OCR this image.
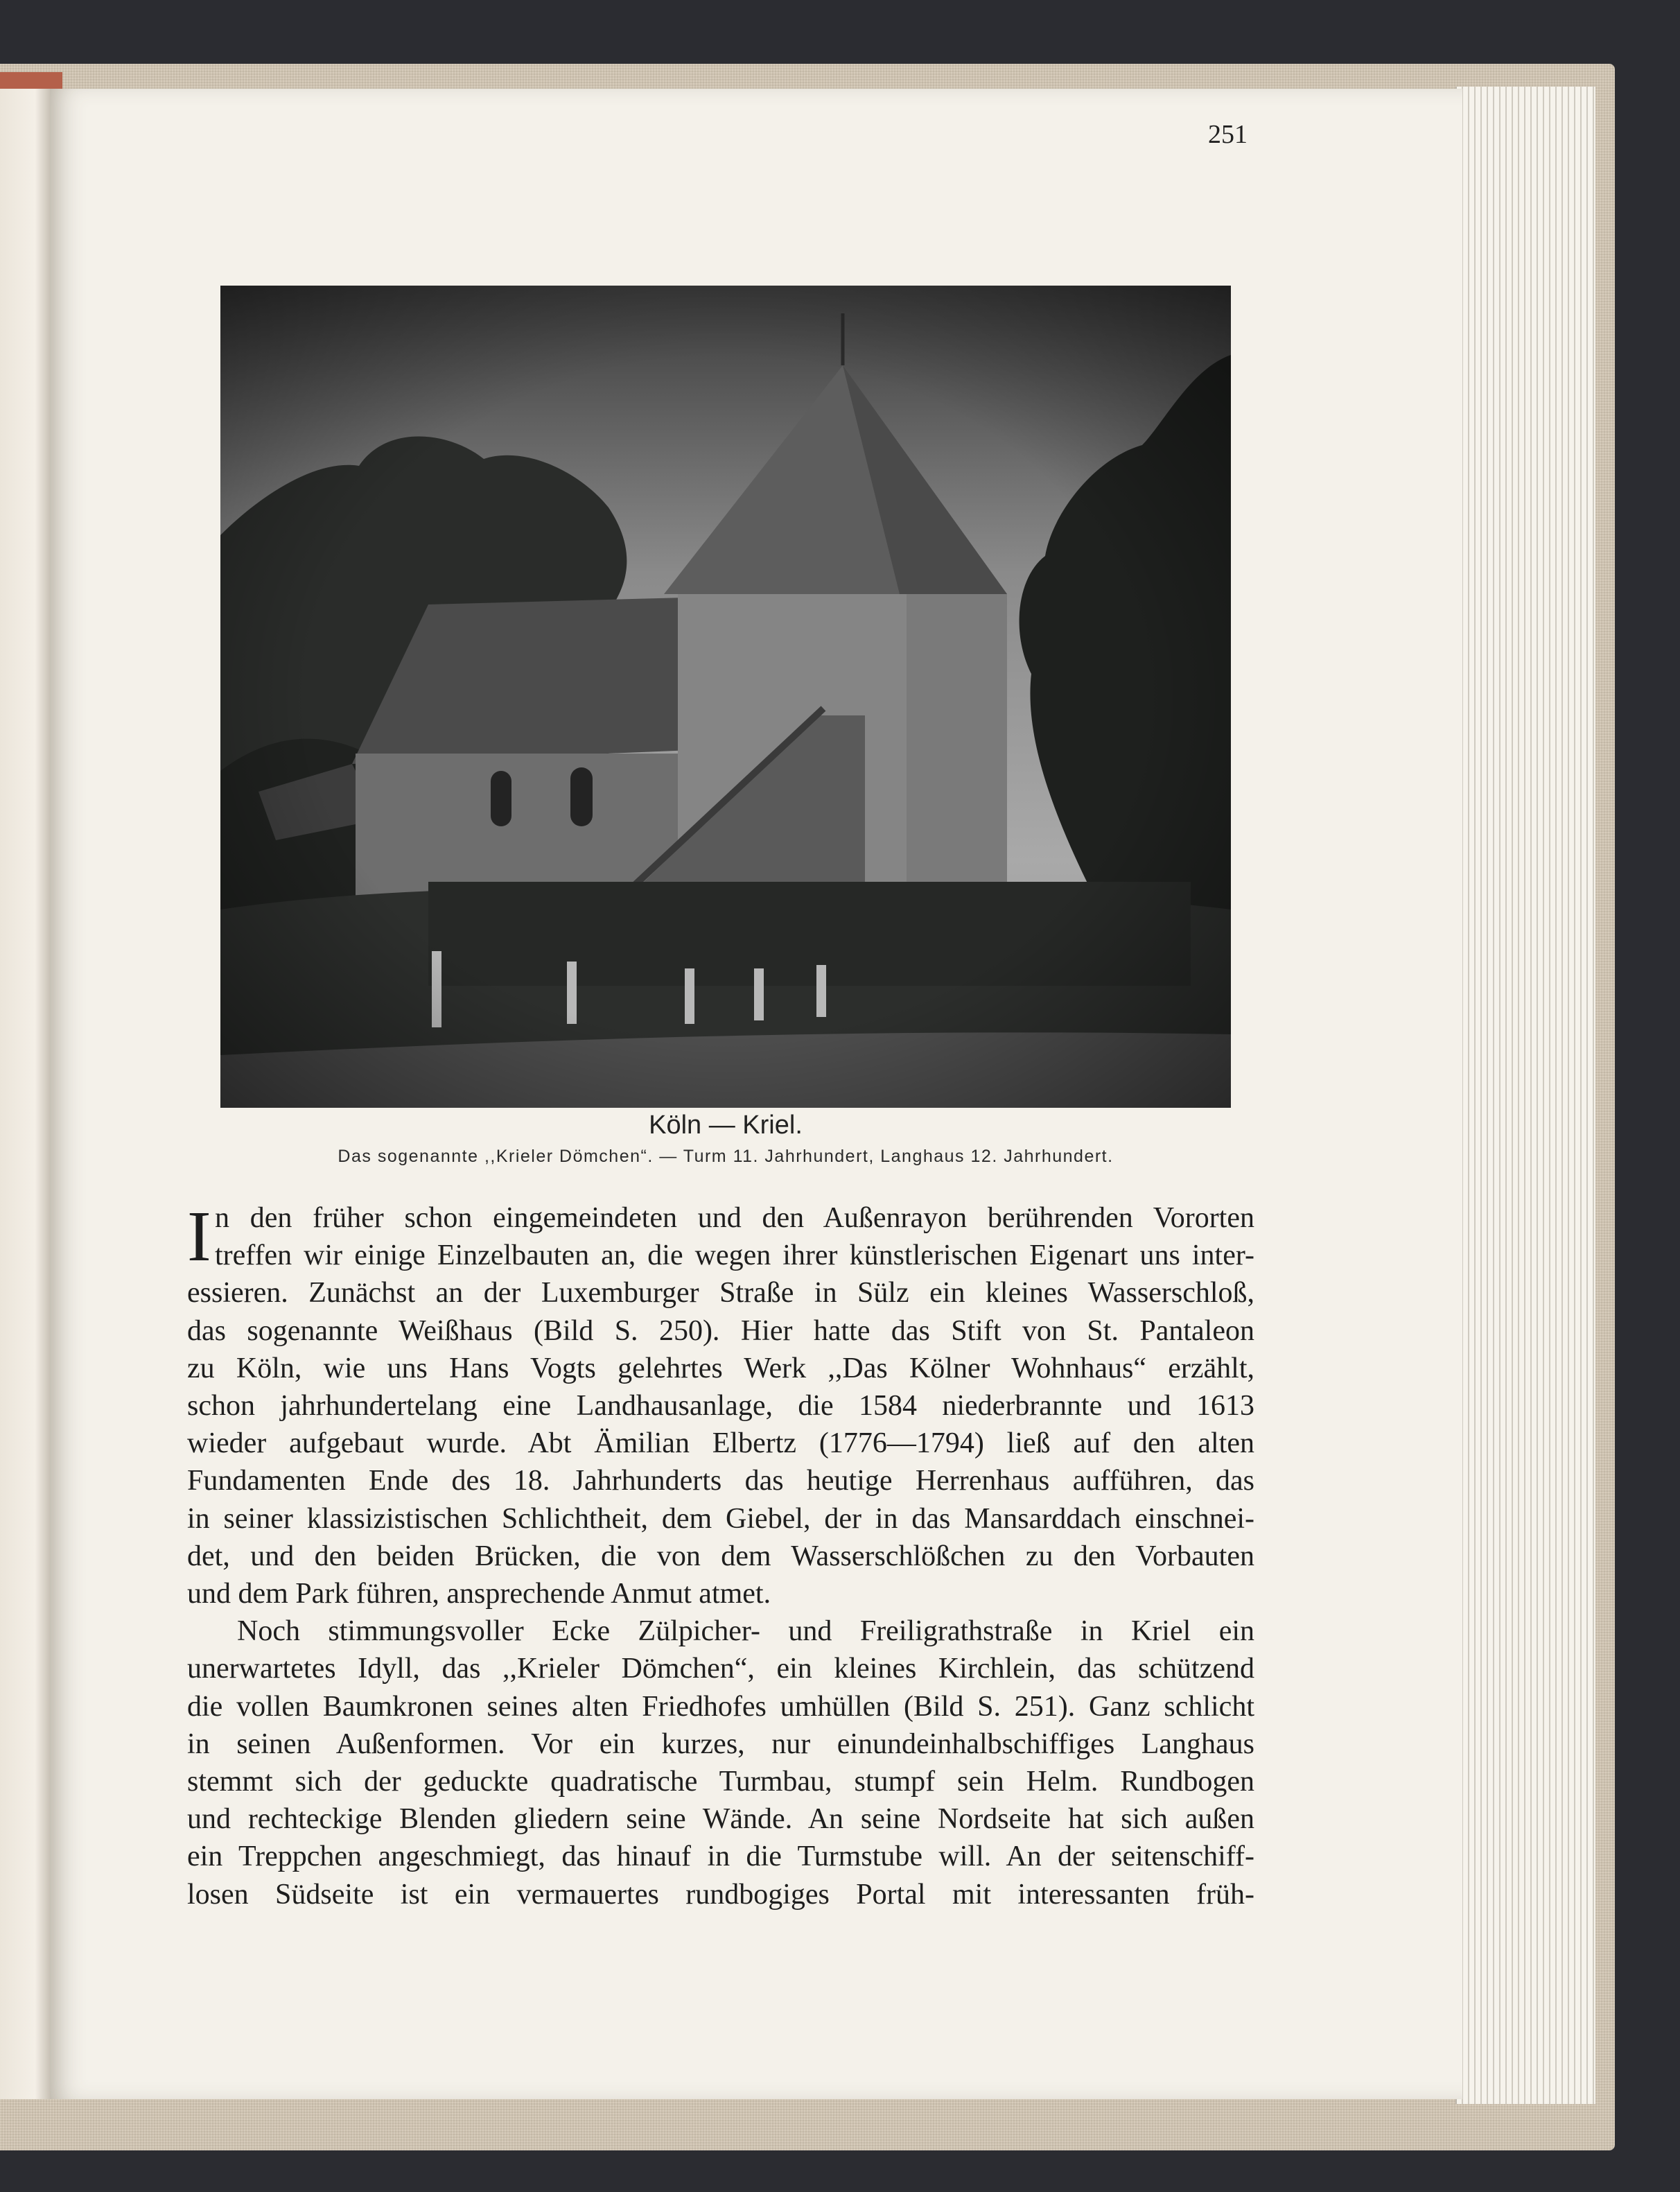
251

Köln — Kriel.

Das sogenannte ,,Krieler Dömchen“. — Turm 11. Jahrhundert, Langhaus 12. Jahrhundert.

I n den früher schon eingemeindeten und den Außenrayon berührenden Vororten
treffen wir einige Einzelbauten an, die wegen ihrer künstlerischen Eigenart uns inter-
essieren. Zunächst an der Luxemburger Straße in Sülz ein kleines Wasserschloß,
das sogenannte Weißhaus (Bild S. 250). Hier hatte das Stift von St. Pantaleon
zu Köln, wie uns Hans Vogts gelehrtes Werk ,,Das Kölner Wohnhaus“ erzählt,
schon jahrhundertelang eine Landhausanlage, die 1584 niederbrannte und 1613
wieder aufgebaut wurde. Abt Ämilian Elbertz (1776—1794) ließ auf den alten
Fundamenten Ende des 18. Jahrhunderts das heutige Herrenhaus aufführen, das
in seiner klassizistischen Schlichtheit, dem Giebel, der in das Mansarddach einschnei-
det, und den beiden Brücken, die von dem Wasserschlößchen zu den Vorbauten
und dem Park führen, ansprechende Anmut atmet.
Noch stimmungsvoller Ecke Zülpicher- und Freiligrathstraße in Kriel ein
unerwartetes Idyll, das ,,Krieler Dömchen“, ein kleines Kirchlein, das schützend
die vollen Baumkronen seines alten Friedhofes umhüllen (Bild S. 251). Ganz schlicht
in seinen Außenformen. Vor ein kurzes, nur einundeinhalbschiffiges Langhaus
stemmt sich der geduckte quadratische Turmbau, stumpf sein Helm. Rundbogen
und rechteckige Blenden gliedern seine Wände. An seine Nordseite hat sich außen
ein Treppchen angeschmiegt, das hinauf in die Turmstube will. An der seitenschiff-
losen Südseite ist ein vermauertes rundbogiges Portal mit interessanten früh-
